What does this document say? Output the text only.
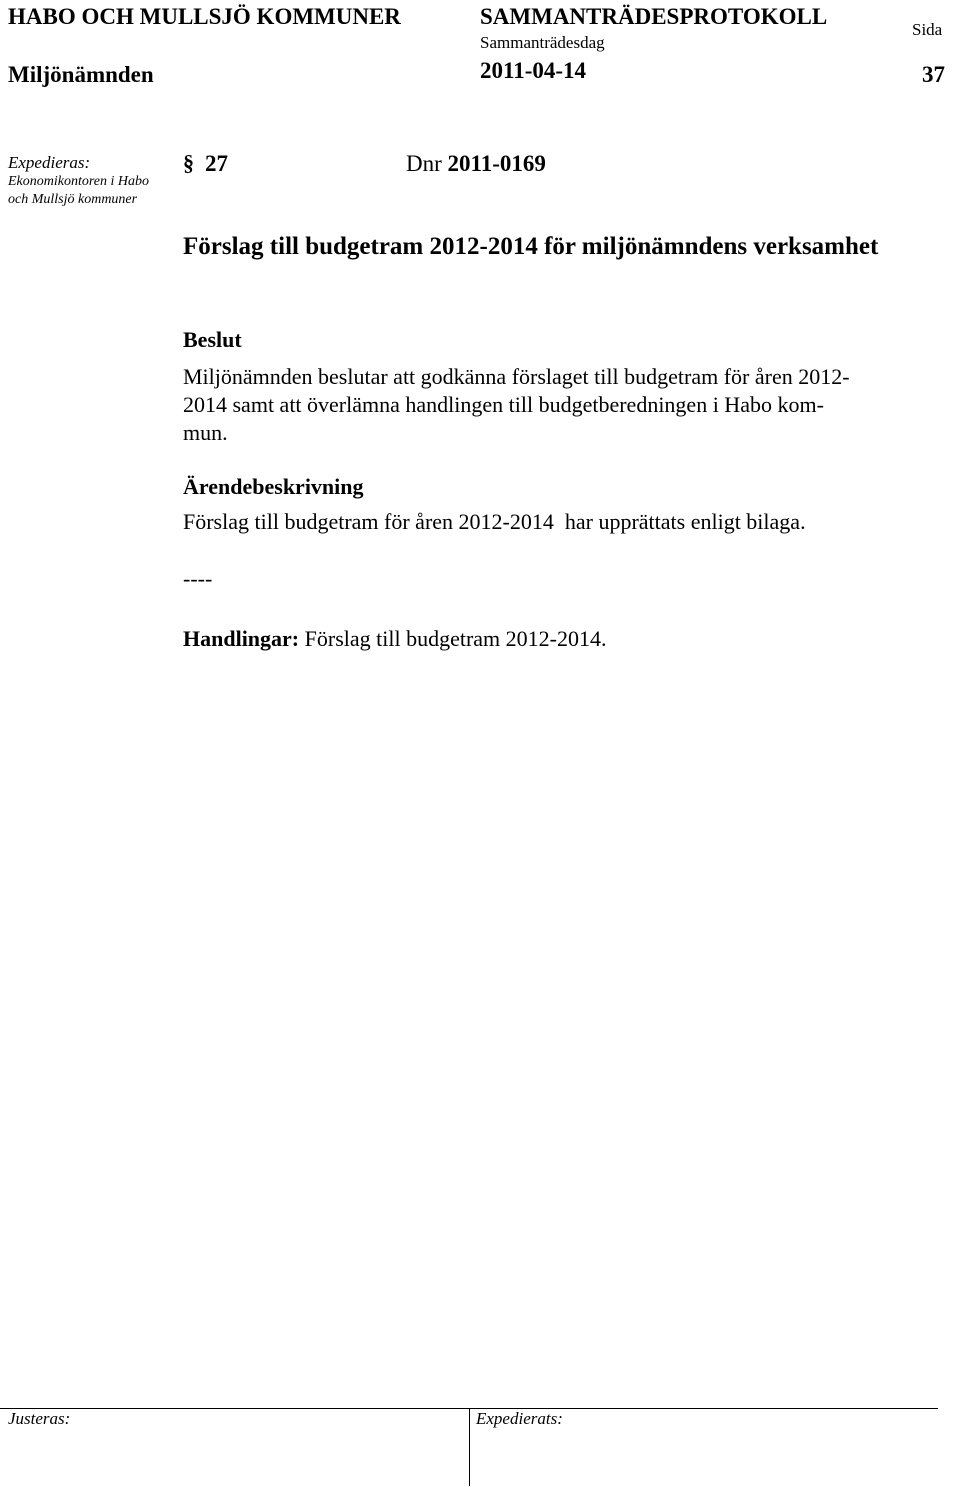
HABO OCH MULLSJÖ KOMMUNER	SAMMANTRÄDESPROTOKOLL
Sida
Sammanträdesdag
Miljönämnden	2011-04-14	37
Expedieras:
Ekonomikontoren i Habo
och Mullsjö kommuner
§ 27	Dnr 2011-0169
Förslag till budgetram 2012-2014 för miljönämndens verksamhet
Beslut
Miljönämnden beslutar att godkänna förslaget till budgetram för åren 2012-
2014 samt att överlämna handlingen till budgetberedningen i Habo kom-
mun.
Ärendebeskrivning
Förslag till budgetram för åren 2012-2014  har upprättats enligt bilaga.
----
Handlingar: Förslag till budgetram 2012-2014.
Justeras:	Expedierats:
